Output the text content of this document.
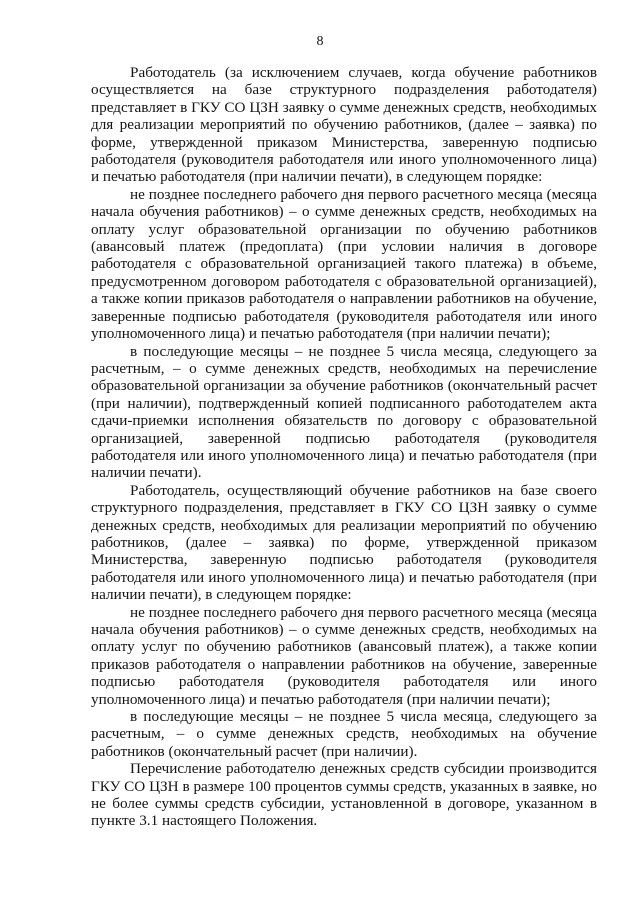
8

Работодатель (за исключением случаев, когда обучение работников осуществляется на базе структурного подразделения работодателя) представляет в ГКУ СО ЦЗН заявку о сумме денежных средств, необходимых для реализации мероприятий по обучению работников, (далее – заявка) по форме, утвержденной приказом Министерства, заверенную подписью работодателя (руководителя работодателя или иного уполномоченного лица) и печатью работодателя (при наличии печати), в следующем порядке:

не позднее последнего рабочего дня первого расчетного месяца (месяца начала обучения работников) – о сумме денежных средств, необходимых на оплату услуг образовательной организации по обучению работников (авансовый платеж (предоплата) (при условии наличия в договоре работодателя с образовательной организацией такого платежа) в объеме, предусмотренном договором работодателя с образовательной организацией), а также копии приказов работодателя о направлении работников на обучение, заверенные подписью работодателя (руководителя работодателя или иного уполномоченного лица) и печатью работодателя (при наличии печати);

в последующие месяцы – не позднее 5 числа месяца, следующего за расчетным, – о сумме денежных средств, необходимых на перечисление образовательной организации за обучение работников (окончательный расчет (при наличии), подтвержденный копией подписанного работодателем акта сдачи-приемки исполнения обязательств по договору с образовательной организацией, заверенной подписью работодателя (руководителя работодателя или иного уполномоченного лица) и печатью работодателя (при наличии печати).

Работодатель, осуществляющий обучение работников на базе своего структурного подразделения, представляет в ГКУ СО ЦЗН заявку о сумме денежных средств, необходимых для реализации мероприятий по обучению работников, (далее – заявка) по форме, утвержденной приказом Министерства, заверенную подписью работодателя (руководителя работодателя или иного уполномоченного лица) и печатью работодателя (при наличии печати), в следующем порядке:

не позднее последнего рабочего дня первого расчетного месяца (месяца начала обучения работников) – о сумме денежных средств, необходимых на оплату услуг по обучению работников (авансовый платеж), а также копии приказов работодателя о направлении работников на обучение, заверенные подписью работодателя (руководителя работодателя или иного уполномоченного лица) и печатью работодателя (при наличии печати);

в последующие месяцы – не позднее 5 числа месяца, следующего за расчетным, – о сумме денежных средств, необходимых на обучение работников (окончательный расчет (при наличии).

Перечисление работодателю денежных средств субсидии производится ГКУ СО ЦЗН в размере 100 процентов суммы средств, указанных в заявке, но не более суммы средств субсидии, установленной в договоре, указанном в пункте 3.1 настоящего Положения.
